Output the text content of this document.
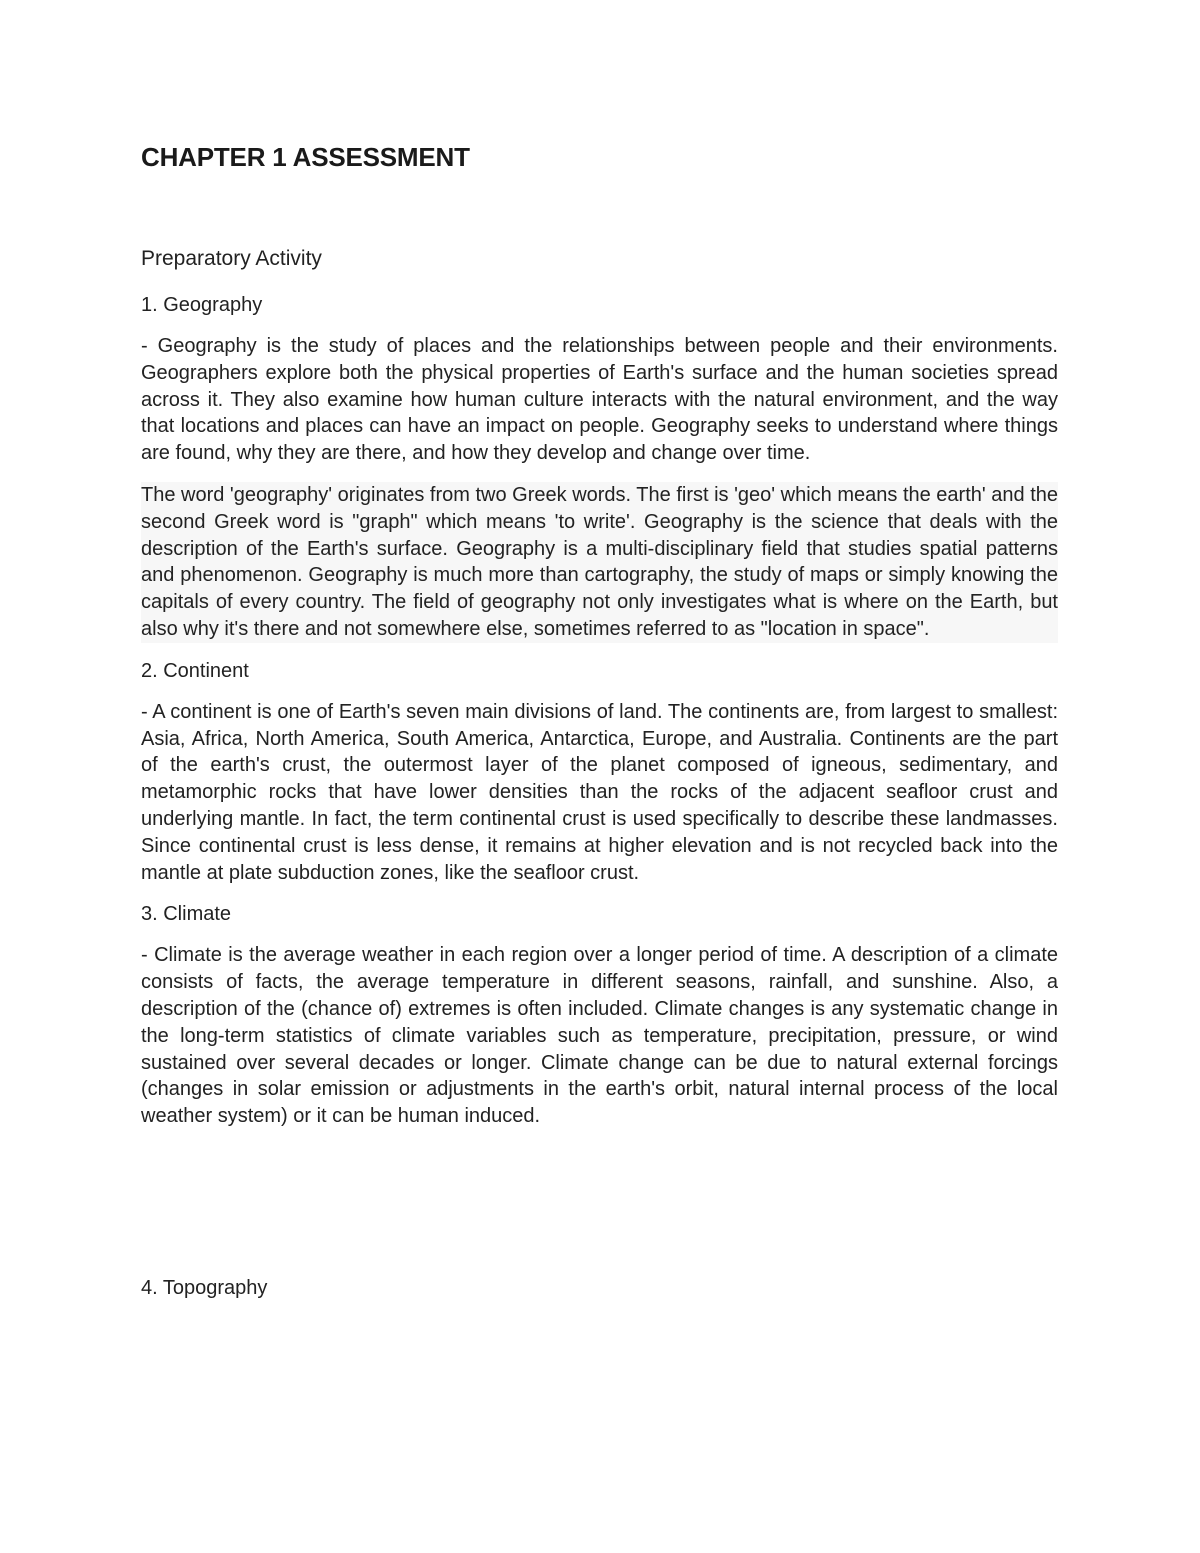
CHAPTER 1 ASSESSMENT
Preparatory Activity
1. Geography

- Geography is the study of places and the relationships between people and their environments. Geographers explore both the physical properties of Earth's surface and the human societies spread across it. They also examine how human culture interacts with the natural environment, and the way that locations and places can have an impact on people. Geography seeks to understand where things are found, why they are there, and how they develop and change over time.

The word 'geography' originates from two Greek words. The first is 'geo' which means the earth' and the second Greek word is "graph" which means 'to write'. Geography is the science that deals with the description of the Earth's surface. Geography is a multi-disciplinary field that studies spatial patterns and phenomenon. Geography is much more than cartography, the study of maps or simply knowing the capitals of every country. The field of geography not only investigates what is where on the Earth, but also why it's there and not somewhere else, sometimes referred to as "location in space".

2. Continent

- A continent is one of Earth's seven main divisions of land. The continents are, from largest to smallest: Asia, Africa, North America, South America, Antarctica, Europe, and Australia. Continents are the part of the earth's crust, the outermost layer of the planet composed of igneous, sedimentary, and metamorphic rocks that have lower densities than the rocks of the adjacent seafloor crust and underlying mantle. In fact, the term continental crust is used specifically to describe these landmasses. Since continental crust is less dense, it remains at higher elevation and is not recycled back into the mantle at plate subduction zones, like the seafloor crust.

3. Climate

- Climate is the average weather in each region over a longer period of time. A description of a climate consists of facts, the average temperature in different seasons, rainfall, and sunshine. Also, a description of the (chance of) extremes is often included. Climate changes is any systematic change in the long-term statistics of climate variables such as temperature, precipitation, pressure, or wind sustained over several decades or longer. Climate change can be due to natural external forcings (changes in solar emission or adjustments in the earth's orbit, natural internal process of the local weather system) or it can be human induced.

4. Topography
